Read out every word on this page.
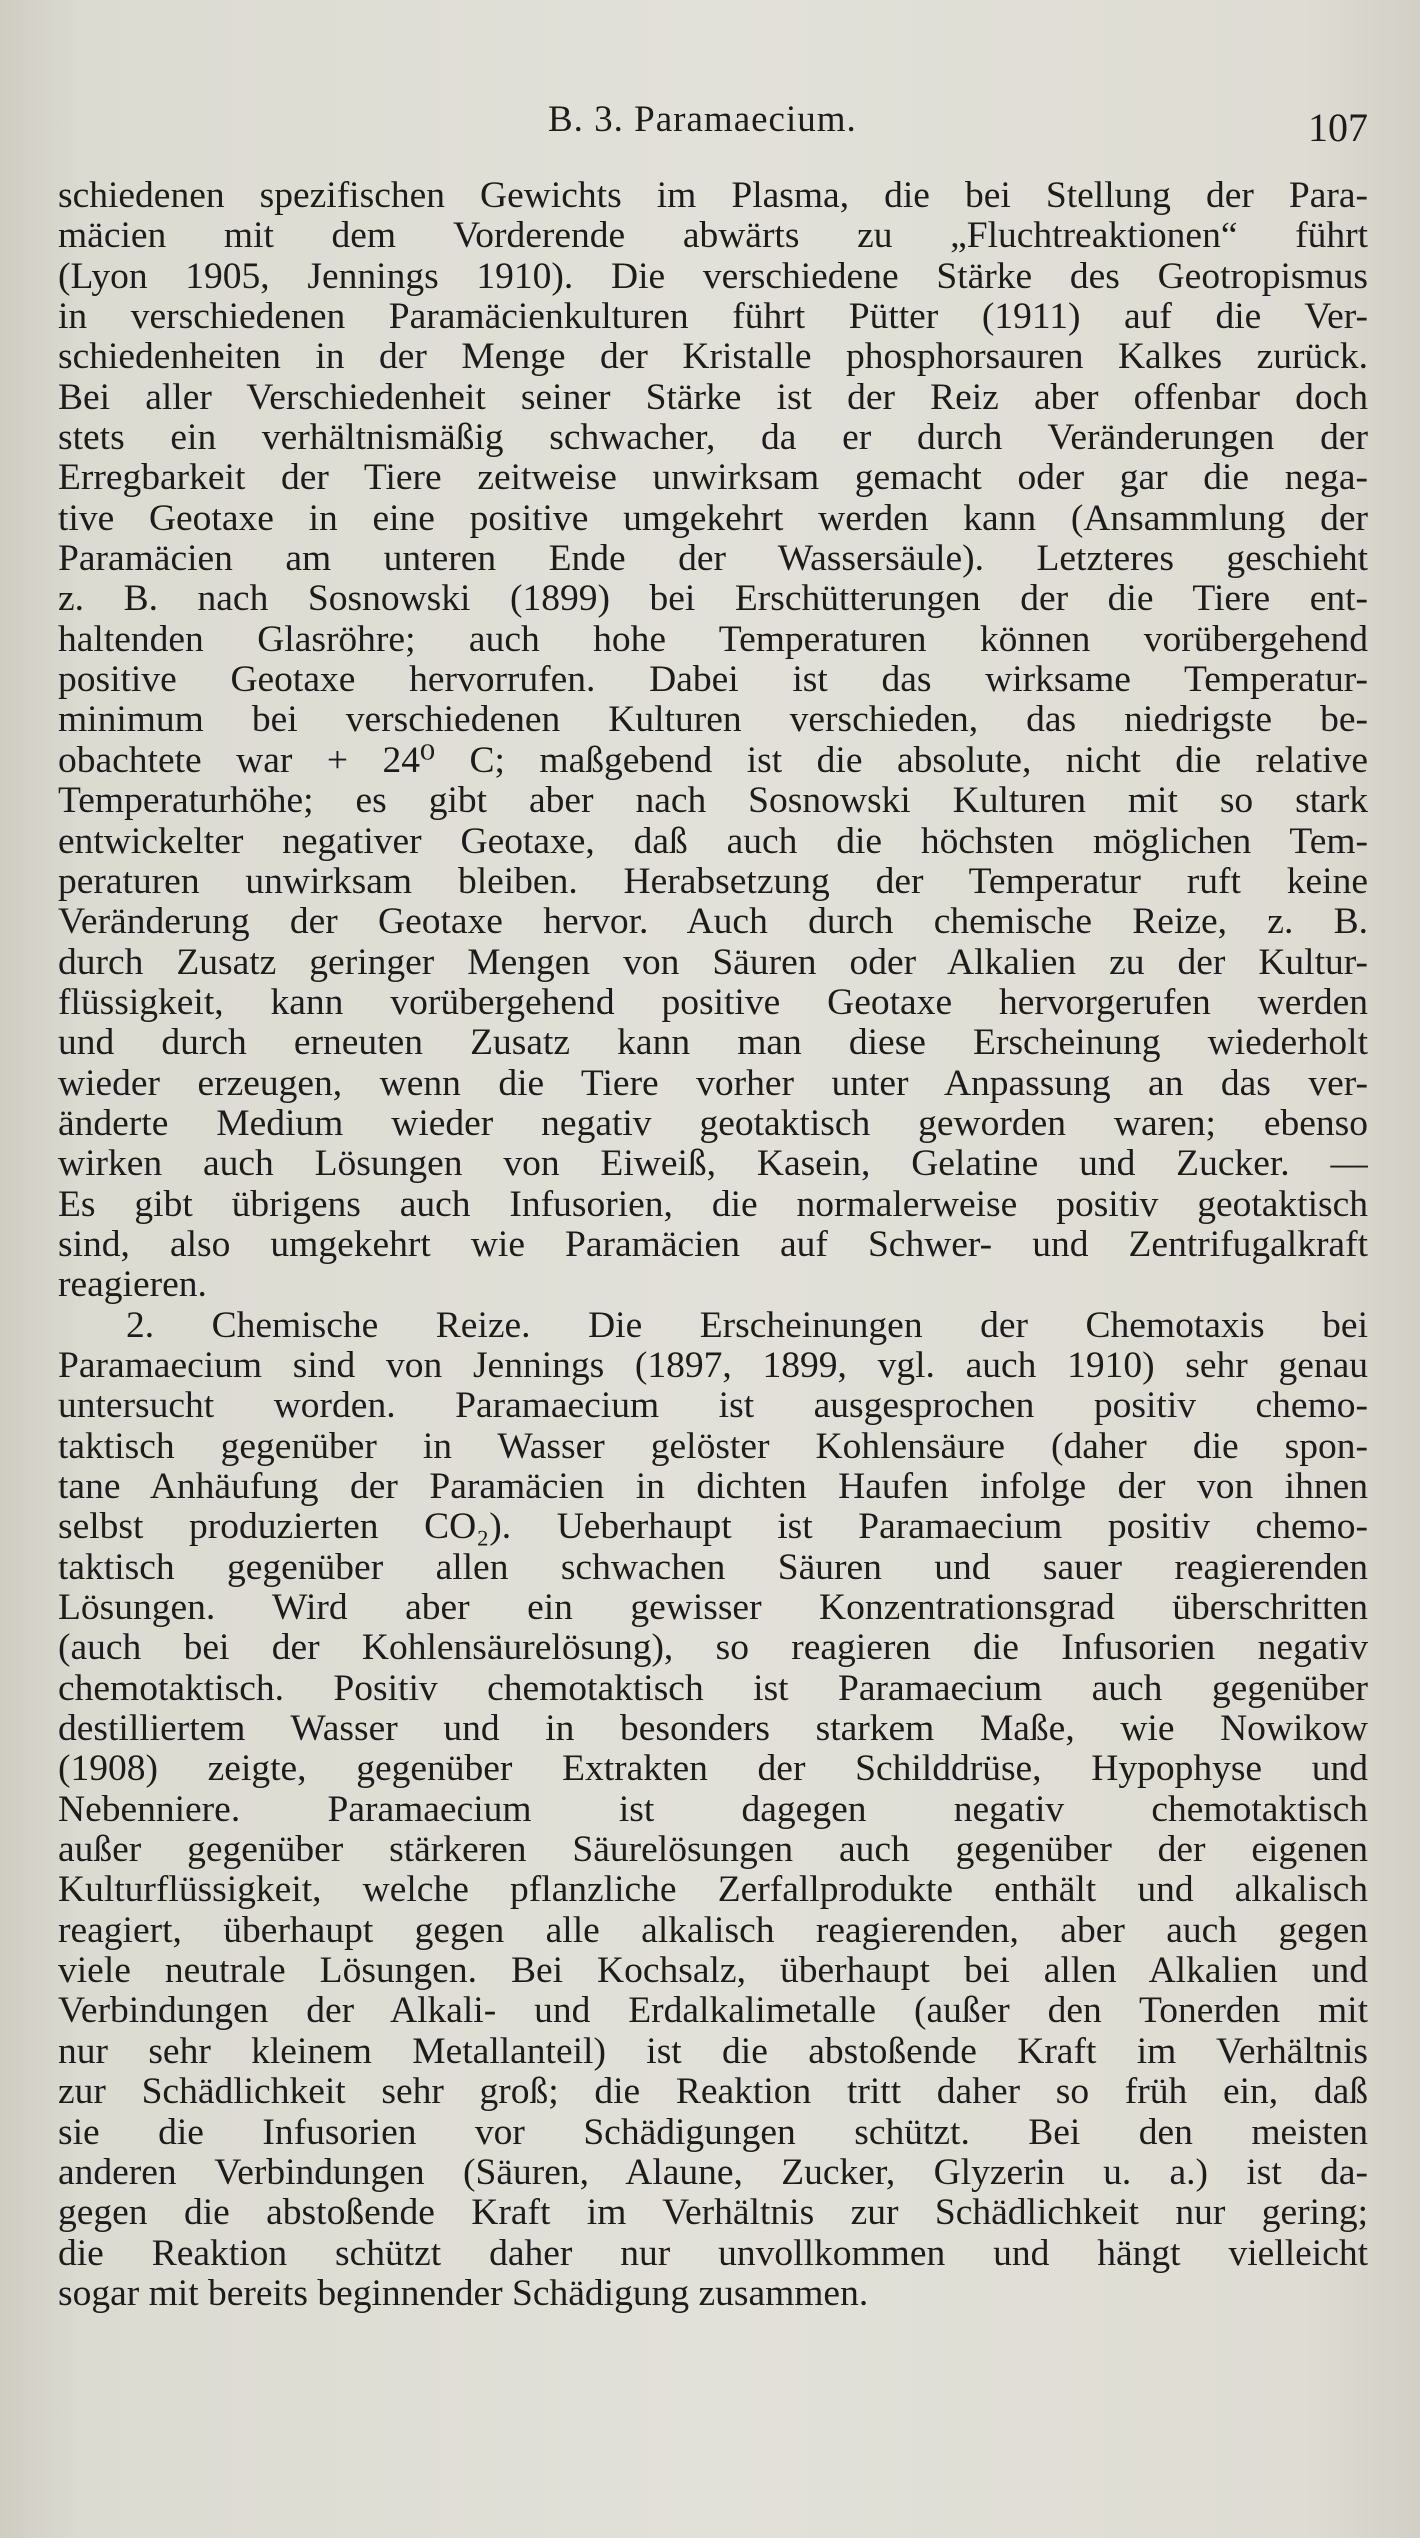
B. 3. Paramaecium.	107
schiedenen spezifischen Gewichts im Plasma, die bei Stellung der Para-
mäcien mit dem Vorderende abwärts zu „Fluchtreaktionen“ führt
(Lyon 1905, Jennings 1910). Die verschiedene Stärke des Geotropismus
in verschiedenen Paramäcienkulturen führt Pütter (1911) auf die Ver-
schiedenheiten in der Menge der Kristalle phosphorsauren Kalkes zurück.
Bei aller Verschiedenheit seiner Stärke ist der Reiz aber offenbar doch
stets ein verhältnismäßig schwacher, da er durch Veränderungen der
Erregbarkeit der Tiere zeitweise unwirksam gemacht oder gar die nega-
tive Geotaxe in eine positive umgekehrt werden kann (Ansammlung der
Paramäcien am unteren Ende der Wassersäule). Letzteres geschieht
z. B. nach Sosnowski (1899) bei Erschütterungen der die Tiere ent-
haltenden Glasröhre; auch hohe Temperaturen können vorübergehend
positive Geotaxe hervorrufen. Dabei ist das wirksame Temperatur-
minimum bei verschiedenen Kulturen verschieden, das niedrigste be-
obachtete war + 24⁰ C; maßgebend ist die absolute, nicht die relative
Temperaturhöhe; es gibt aber nach Sosnowski Kulturen mit so stark
entwickelter negativer Geotaxe, daß auch die höchsten möglichen Tem-
peraturen unwirksam bleiben. Herabsetzung der Temperatur ruft keine
Veränderung der Geotaxe hervor. Auch durch chemische Reize, z. B.
durch Zusatz geringer Mengen von Säuren oder Alkalien zu der Kultur-
flüssigkeit, kann vorübergehend positive Geotaxe hervorgerufen werden
und durch erneuten Zusatz kann man diese Erscheinung wiederholt
wieder erzeugen, wenn die Tiere vorher unter Anpassung an das ver-
änderte Medium wieder negativ geotaktisch geworden waren; ebenso
wirken auch Lösungen von Eiweiß, Kasein, Gelatine und Zucker. —
Es gibt übrigens auch Infusorien, die normalerweise positiv geotaktisch
sind, also umgekehrt wie Paramäcien auf Schwer- und Zentrifugalkraft
reagieren.
2. Chemische Reize. Die Erscheinungen der Chemotaxis bei
Paramaecium sind von Jennings (1897, 1899, vgl. auch 1910) sehr genau
untersucht worden. Paramaecium ist ausgesprochen positiv chemo-
taktisch gegenüber in Wasser gelöster Kohlensäure (daher die spon-
tane Anhäufung der Paramäcien in dichten Haufen infolge der von ihnen
selbst produzierten CO₂). Ueberhaupt ist Paramaecium positiv chemo-
taktisch gegenüber allen schwachen Säuren und sauer reagierenden
Lösungen. Wird aber ein gewisser Konzentrationsgrad überschritten
(auch bei der Kohlensäurelösung), so reagieren die Infusorien negativ
chemotaktisch. Positiv chemotaktisch ist Paramaecium auch gegenüber
destilliertem Wasser und in besonders starkem Maße, wie Nowikow
(1908) zeigte, gegenüber Extrakten der Schilddrüse, Hypophyse und
Nebenniere. Paramaecium ist dagegen negativ chemotaktisch
außer gegenüber stärkeren Säurelösungen auch gegenüber der eigenen
Kulturflüssigkeit, welche pflanzliche Zerfallprodukte enthält und alkalisch
reagiert, überhaupt gegen alle alkalisch reagierenden, aber auch gegen
viele neutrale Lösungen. Bei Kochsalz, überhaupt bei allen Alkalien und
Verbindungen der Alkali- und Erdalkalimetalle (außer den Tonerden mit
nur sehr kleinem Metallanteil) ist die abstoßende Kraft im Verhältnis
zur Schädlichkeit sehr groß; die Reaktion tritt daher so früh ein, daß
sie die Infusorien vor Schädigungen schützt. Bei den meisten
anderen Verbindungen (Säuren, Alaune, Zucker, Glyzerin u. a.) ist da-
gegen die abstoßende Kraft im Verhältnis zur Schädlichkeit nur gering;
die Reaktion schützt daher nur unvollkommen und hängt vielleicht
sogar mit bereits beginnender Schädigung zusammen.
